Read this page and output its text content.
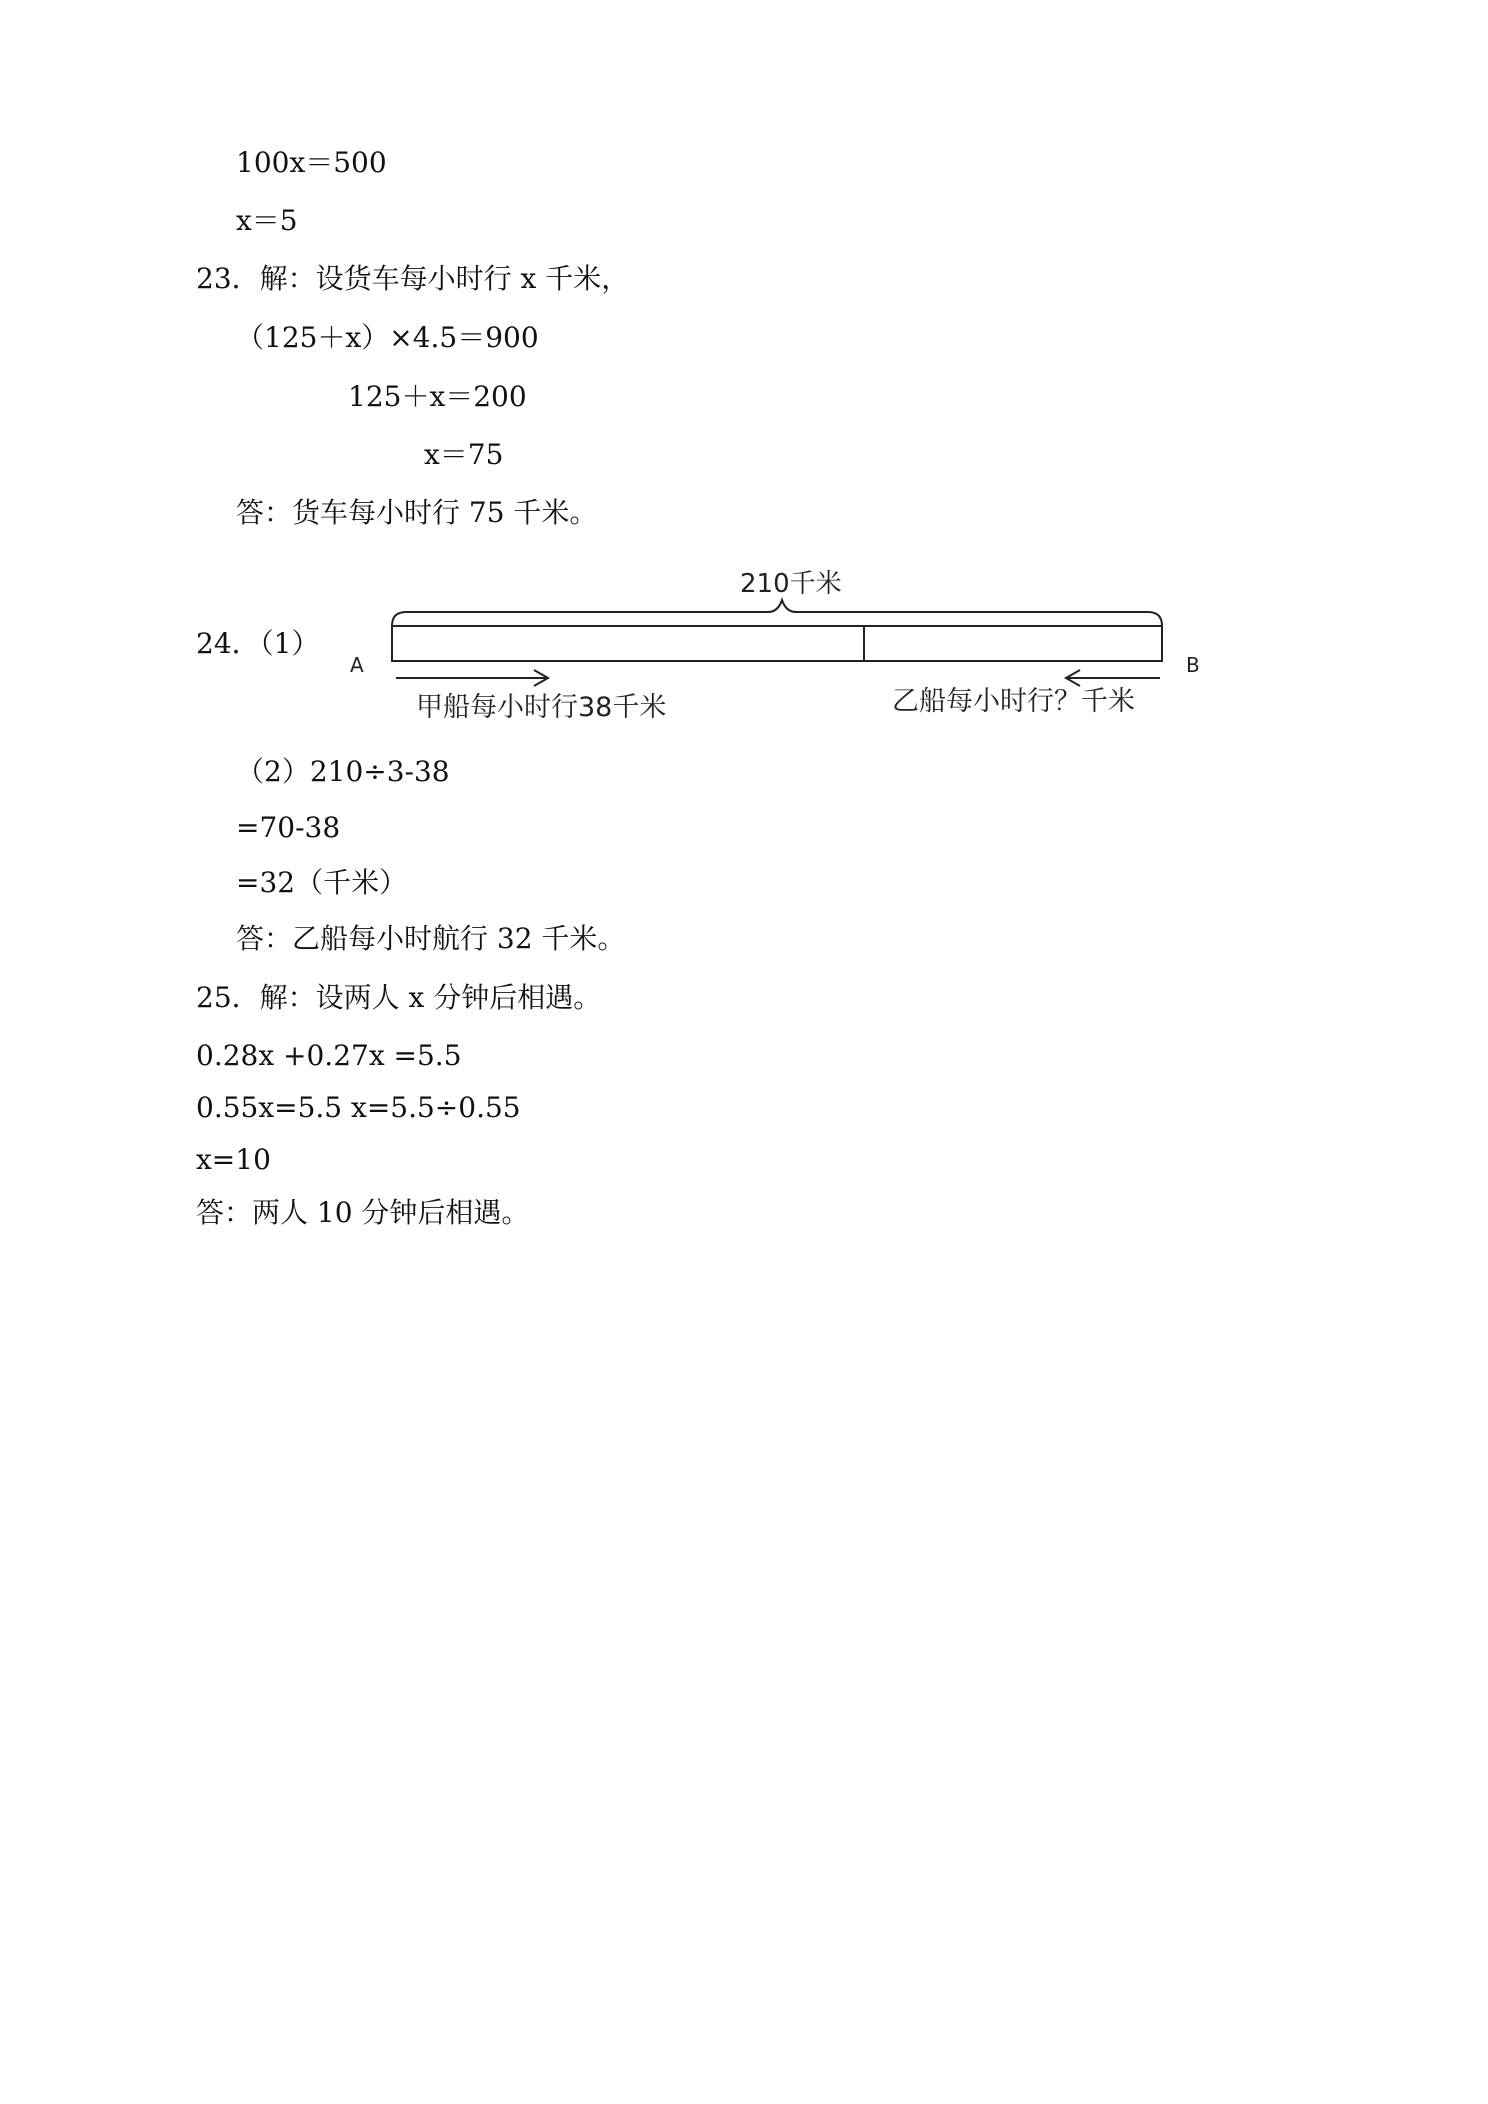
100x＝500
x＝5
23．解：设货车每小时行 x 千米，
（125＋x）×4.5＝900
125＋x＝200
x＝75
答：货车每小时行 75 千米。
24．（1）
210千米
A	B
甲船每小时行38千米	乙船每小时行？千米
（2）210÷3-38
=70-38
=32（千米）
答：乙船每小时航行 32 千米。
25．解：设两人 x 分钟后相遇。
0.28x +0.27x =5.5
0.55x=5.5 x=5.5÷0.55
x=10
答：两人 10 分钟后相遇。
